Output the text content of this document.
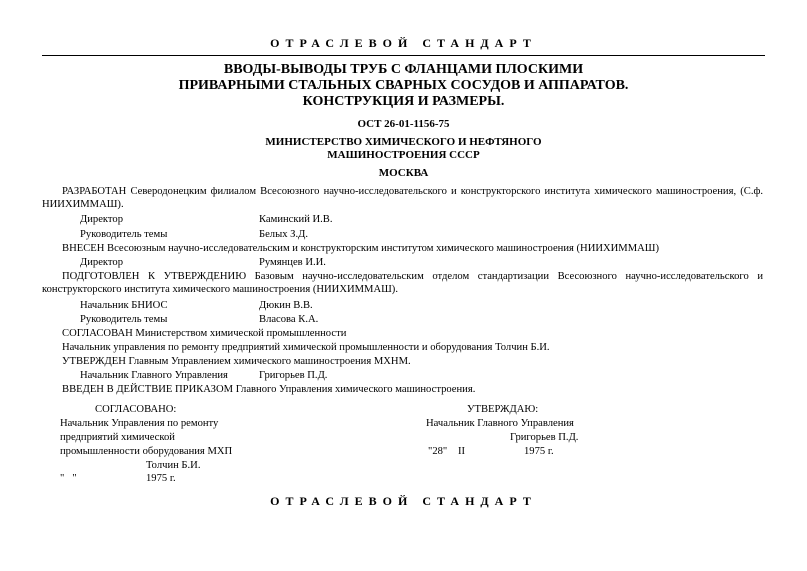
ОТРАСЛЕВОЙ СТАНДАРТ
ВВОДЫ-ВЫВОДЫ ТРУБ С ФЛАНЦАМИ ПЛОСКИМИ
ПРИВАРНЫМИ СТАЛЬНЫХ СВАРНЫХ СОСУДОВ И АППАРАТОВ.
КОНСТРУКЦИЯ И РАЗМЕРЫ.
ОСТ 26-01-1156-75
МИНИСТЕРСТВО ХИМИЧЕСКОГО И НЕФТЯНОГО
МАШИНОСТРОЕНИЯ СССР
МОСКВА
РАЗРАБОТАН Северодонецким филиалом Всесоюзного научно-исследовательского и конструкторского института химического машиностроения, (С.ф. НИИХИММАШ).
Директор	Каминский И.В.
Руководитель темы	Белых З.Д.
ВНЕСЕН Всесоюзным научно-исследовательским и конструкторским институтом химического машиностроения (НИИХИММАШ)
Директор	Румянцев И.И.
ПОДГОТОВЛЕН К УТВЕРЖДЕНИЮ Базовым научно-исследовательским отделом стандартизации Всесоюзного научно-исследовательского и конструкторского института химического машиностроения (НИИХИММАШ).
Начальник БНИОС	Дюкин В.В.
Руководитель темы	Власова К.А.
СОГЛАСОВАН Министерством химической промышленности
Начальник управления по ремонту предприятий химической промышленности и оборудования Толчин Б.И.
УТВЕРЖДЕН Главным Управлением химического машиностроения МХНМ.
Начальник Главного Управления	Григорьев П.Д.
ВВЕДЕН В ДЕЙСТВИЕ ПРИКАЗОМ Главного Управления химического машиностроения.
СОГЛАСОВАНО:
Начальник Управления по ремонту
предприятий химической
промышленности оборудования МХП
Толчин Б.И.
"   "	1975 г.
УТВЕРЖДАЮ:
Начальник Главного Управления
Григорьев П.Д.
"28" II	1975 г.
ОТРАСЛЕВОЙ СТАНДАРТ
